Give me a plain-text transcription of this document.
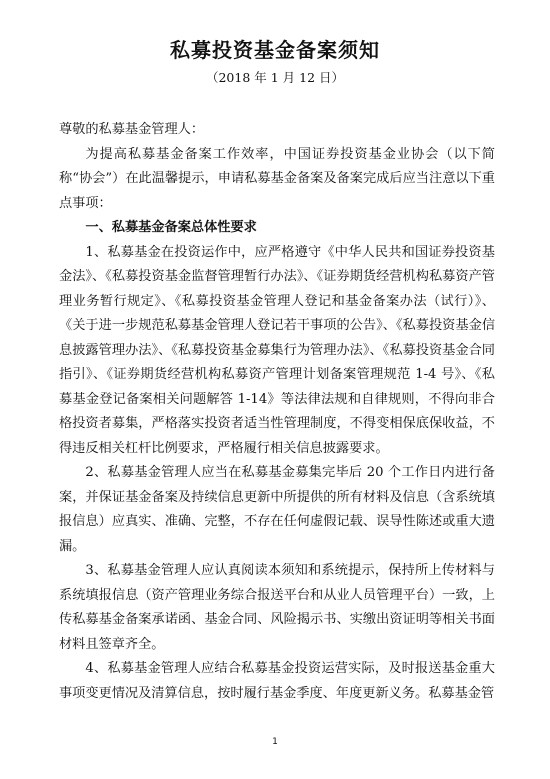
私募投资基金备案须知
（2018 年 1 月 12 日）

尊敬的私募基金管理人：

为提高私募基金备案工作效率，中国证券投资基金业协会（以下简称“协会”）在此温馨提示，申请私募基金备案及备案完成后应当注意以下重点事项：

一、私募基金备案总体性要求

1、私募基金在投资运作中，应严格遵守《中华人民共和国证券投资基金法》、《私募投资基金监督管理暂行办法》、《证券期货经营机构私募资产管理业务暂行规定》、《私募投资基金管理人登记和基金备案办法（试行）》、《关于进一步规范私募基金管理人登记若干事项的公告》、《私募投资基金信息披露管理办法》、《私募投资基金募集行为管理办法》、《私募投资基金合同指引》、《证券期货经营机构私募资产管理计划备案管理规范 1-4 号》、《私募基金登记备案相关问题解答 1-14》等法律法规和自律规则，不得向非合格投资者募集，严格落实投资者适当性管理制度，不得变相保底保收益，不得违反相关杠杆比例要求，严格履行相关信息披露要求。

2、私募基金管理人应当在私募基金募集完毕后 20 个工作日内进行备案，并保证基金备案及持续信息更新中所提供的所有材料及信息（含系统填报信息）应真实、准确、完整，不存在任何虚假记载、误导性陈述或重大遗漏。

3、私募基金管理人应认真阅读本须知和系统提示，保持所上传材料与系统填报信息（资产管理业务综合报送平台和从业人员管理平台）一致，上传私募基金备案承诺函、基金合同、风险揭示书、实缴出资证明等相关书面材料且签章齐全。

4、私募基金管理人应结合私募基金投资运营实际，及时报送基金重大事项变更情况及清算信息，按时履行基金季度、年度更新义务。私募基金管

1
